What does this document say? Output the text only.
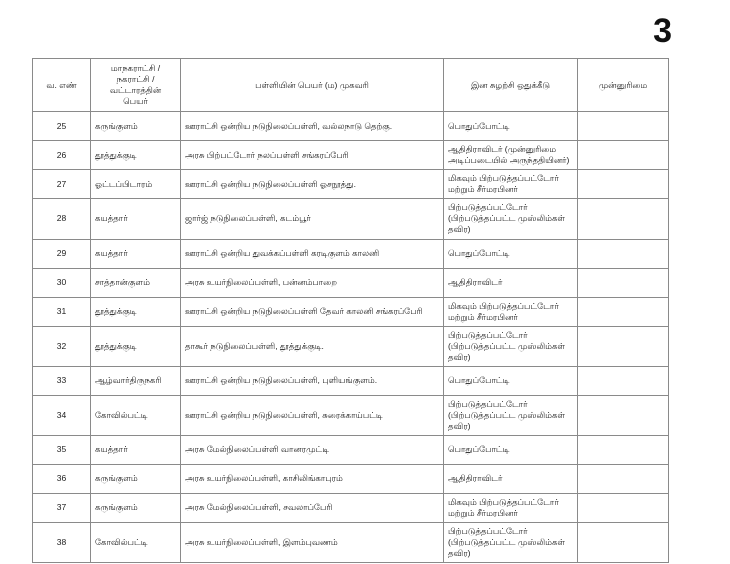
3
வ. எண்	மாநகராட்சி / நகராட்சி / வட்டாரத்தின் பெயர்	பள்ளியின் பெயர் (ம) முகவரி	இன சுழற்சி ஒதுக்கீடு	முன்னுரிமை
25	கருங்குளம்	ஊராட்சி ஒன்றிய நடுநிலைப்பள்ளி, வல்லநாடு தெற்கு.	பொதுப்போட்டி	
26	தூத்துக்குடி	அரசு பிற்பட்டோர் நலப்பள்ளி சங்கரப்பேரி	ஆதிதிராவிடர் (முன்னுரிமை அடிப்படையில் அருந்ததியினர்)	
27	ஓட்டப்பிடாரம்	ஊராட்சி ஒன்றிய நடுநிலைப்பள்ளி ஓசநூத்து.	மிகவும் பிற்படுத்தப்பட்டோர் மற்றும் சீர்மரபினர்	
28	கயத்தார்	ஜார்ஜ் நடுநிலைப்பள்ளி, கடம்பூர்	பிற்படுத்தப்பட்டோர் (பிற்படுத்தப்பட்ட முஸ்லிம்கள் தவிர)	
29	கயத்தார்	ஊராட்சி ஒன்றிய துவக்கப்பள்ளி கரடிகுளம் காலனி	பொதுப்போட்டி	
30	சாத்தான்குளம்	அரசு உயர்நிலைப்பள்ளி, பன்னம்பாறை	ஆதிதிராவிடர்	
31	தூத்துக்குடி	ஊராட்சி ஒன்றிய நடுநிலைப்பள்ளி தேவர் காலனி சங்கரப்பேரி	மிகவும் பிற்படுத்தப்பட்டோர் மற்றும் சீர்மரபினர்	
32	தூத்துக்குடி	தாகூர் நடுநிலைப்பள்ளி, தூத்துக்குடி.	பிற்படுத்தப்பட்டோர் (பிற்படுத்தப்பட்ட முஸ்லிம்கள் தவிர)	
33	ஆழ்வார்திருநகரி	ஊராட்சி ஒன்றிய நடுநிலைப்பள்ளி, புளியங்குளம்.	பொதுப்போட்டி	
34	கோவில்பட்டி	ஊராட்சி ஒன்றிய நடுநிலைப்பள்ளி, சுரைக்காய்பட்டி	பிற்படுத்தப்பட்டோர் (பிற்படுத்தப்பட்ட முஸ்லிம்கள் தவிர)	
35	கயத்தார்	அரசு மேல்நிலைப்பள்ளி வானரமுட்டி	பொதுப்போட்டி	
36	கருங்குளம்	அரசு உயர்நிலைப்பள்ளி, காசிலிங்காபுரம்	ஆதிதிராவிடர்	
37	கருங்குளம்	அரசு மேல்நிலைப்பள்ளி, சவலாப்பேரி	மிகவும் பிற்படுத்தப்பட்டோர் மற்றும் சீர்மரபினர்	
38	கோவில்பட்டி	அரசு உயர்நிலைப்பள்ளி, இளம்புவணம்	பிற்படுத்தப்பட்டோர் (பிற்படுத்தப்பட்ட முஸ்லிம்கள் தவிர)	
